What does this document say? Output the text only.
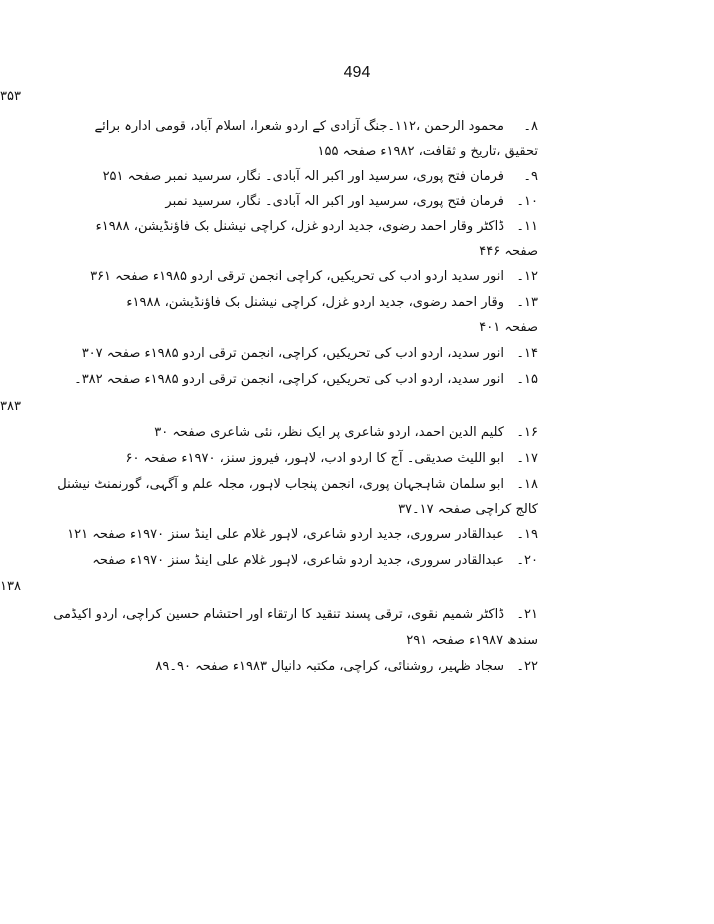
494
۳۵۳
۸۔محمود الرحمن ،۱۱۲۔جنگ آزادی کے اردو شعرا، اسلام آباد، قومی ادارہ برائے
تحقیق ،تاریخ و ثقافت، ۱۹۸۲ء صفحہ ۱۵۵
۹۔فرمان فتح پوری، سرسید اور اکبر الہ آبادی۔ نگار، سرسید نمبر صفحہ ۲۵۱
۱۰۔فرمان فتح پوری، سرسید اور اکبر الہ آبادی۔ نگار، سرسید نمبر
۱۱۔ڈاکٹر وقار احمد رضوی، جدید اردو غزل، کراچی نیشنل بک فاؤنڈیشن، ۱۹۸۸ء
صفحہ ۴۴۶
۱۲۔انور سدید اردو ادب کی تحریکیں، کراچی انجمن ترقی اردو ۱۹۸۵ء صفحہ ۳۶۱
۱۳۔وقار احمد رضوی، جدید اردو غزل، کراچی نیشنل بک فاؤنڈیشن، ۱۹۸۸ء
صفحہ ۴۰۱
۱۴۔انور سدید، اردو ادب کی تحریکیں، کراچی، انجمن ترقی اردو ۱۹۸۵ء صفحہ ۳۰۷
۱۵۔انور سدید، اردو ادب کی تحریکیں، کراچی، انجمن ترقی اردو ۱۹۸۵ء صفحہ ۳۸۲۔
۳۸۳
۱۶۔کلیم الدین احمد، اردو شاعری پر ایک نظر، نئی شاعری صفحہ ۳۰
۱۷۔ابو اللیث صدیقی۔ آج کا اردو ادب، لاہور، فیروز سنز، ۱۹۷۰ء صفحہ ۶۰
۱۸۔ابو سلمان شاہجہان پوری، انجمن پنجاب لاہور، مجلہ علم و آگہی، گورنمنٹ نیشنل
کالج کراچی صفحہ ۱۷۔۳۷
۱۹۔عبدالقادر سروری، جدید اردو شاعری، لاہور غلام علی اینڈ سنز ۱۹۷۰ء صفحہ ۱۲۱
۲۰۔عبدالقادر سروری، جدید اردو شاعری، لاہور غلام علی اینڈ سنز ۱۹۷۰ء صفحہ
۱۳۸
۲۱۔ڈاکٹر شمیم نقوی، ترقی پسند تنقید کا ارتقاء اور احتشام حسین کراچی، اردو اکیڈمی
سندھ ۱۹۸۷ء صفحہ ۲۹۱
۲۲۔سجاد ظہیر، روشنائی، کراچی، مکتبہ دانیال ۱۹۸۳ء صفحہ ۹۰۔۸۹
